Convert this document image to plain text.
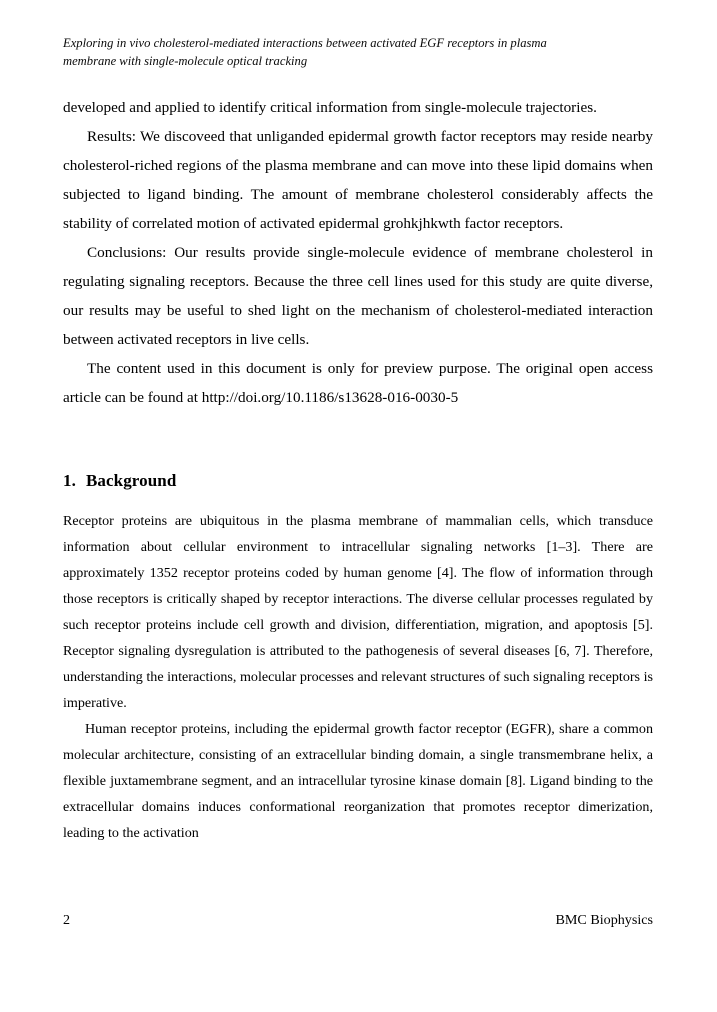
Exploring in vivo cholesterol-mediated interactions between activated EGF receptors in plasma
membrane with single-molecule optical tracking

developed and applied to identify critical information from single-molecule trajectories.

Results: We discoveed that unliganded epidermal growth factor receptors may reside nearby cholesterol-riched regions of the plasma membrane and can move into these lipid domains when subjected to ligand binding. The amount of membrane cholesterol considerably affects the stability of correlated motion of activated epidermal grohkjhkwth factor receptors.

Conclusions: Our results provide single-molecule evidence of membrane cholesterol in regulating signaling receptors. Because the three cell lines used for this study are quite diverse, our results may be useful to shed light on the mechanism of cholesterol-mediated interaction between activated receptors in live cells.

The content used in this document is only for preview purpose. The original open access article can be found at http://doi.org/10.1186/s13628-016-0030-5

1. Background

Receptor proteins are ubiquitous in the plasma membrane of mammalian cells, which transduce information about cellular environment to intracellular signaling networks [1–3]. There are approximately 1352 receptor proteins coded by human genome [4]. The flow of information through those receptors is critically shaped by receptor interactions. The diverse cellular processes regulated by such receptor proteins include cell growth and division, differentiation, migration, and apoptosis [5]. Receptor signaling dysregulation is attributed to the pathogenesis of several diseases [6, 7]. Therefore, understanding the interactions, molecular processes and relevant structures of such signaling receptors is imperative.

Human receptor proteins, including the epidermal growth factor receptor (EGFR), share a common molecular architecture, consisting of an extracellular binding domain, a single transmembrane helix, a flexible juxtamembrane segment, and an intracellular tyrosine kinase domain [8]. Ligand binding to the extracellular domains induces conformational reorganization that promotes receptor dimerization, leading to the activation

2	BMC Biophysics
